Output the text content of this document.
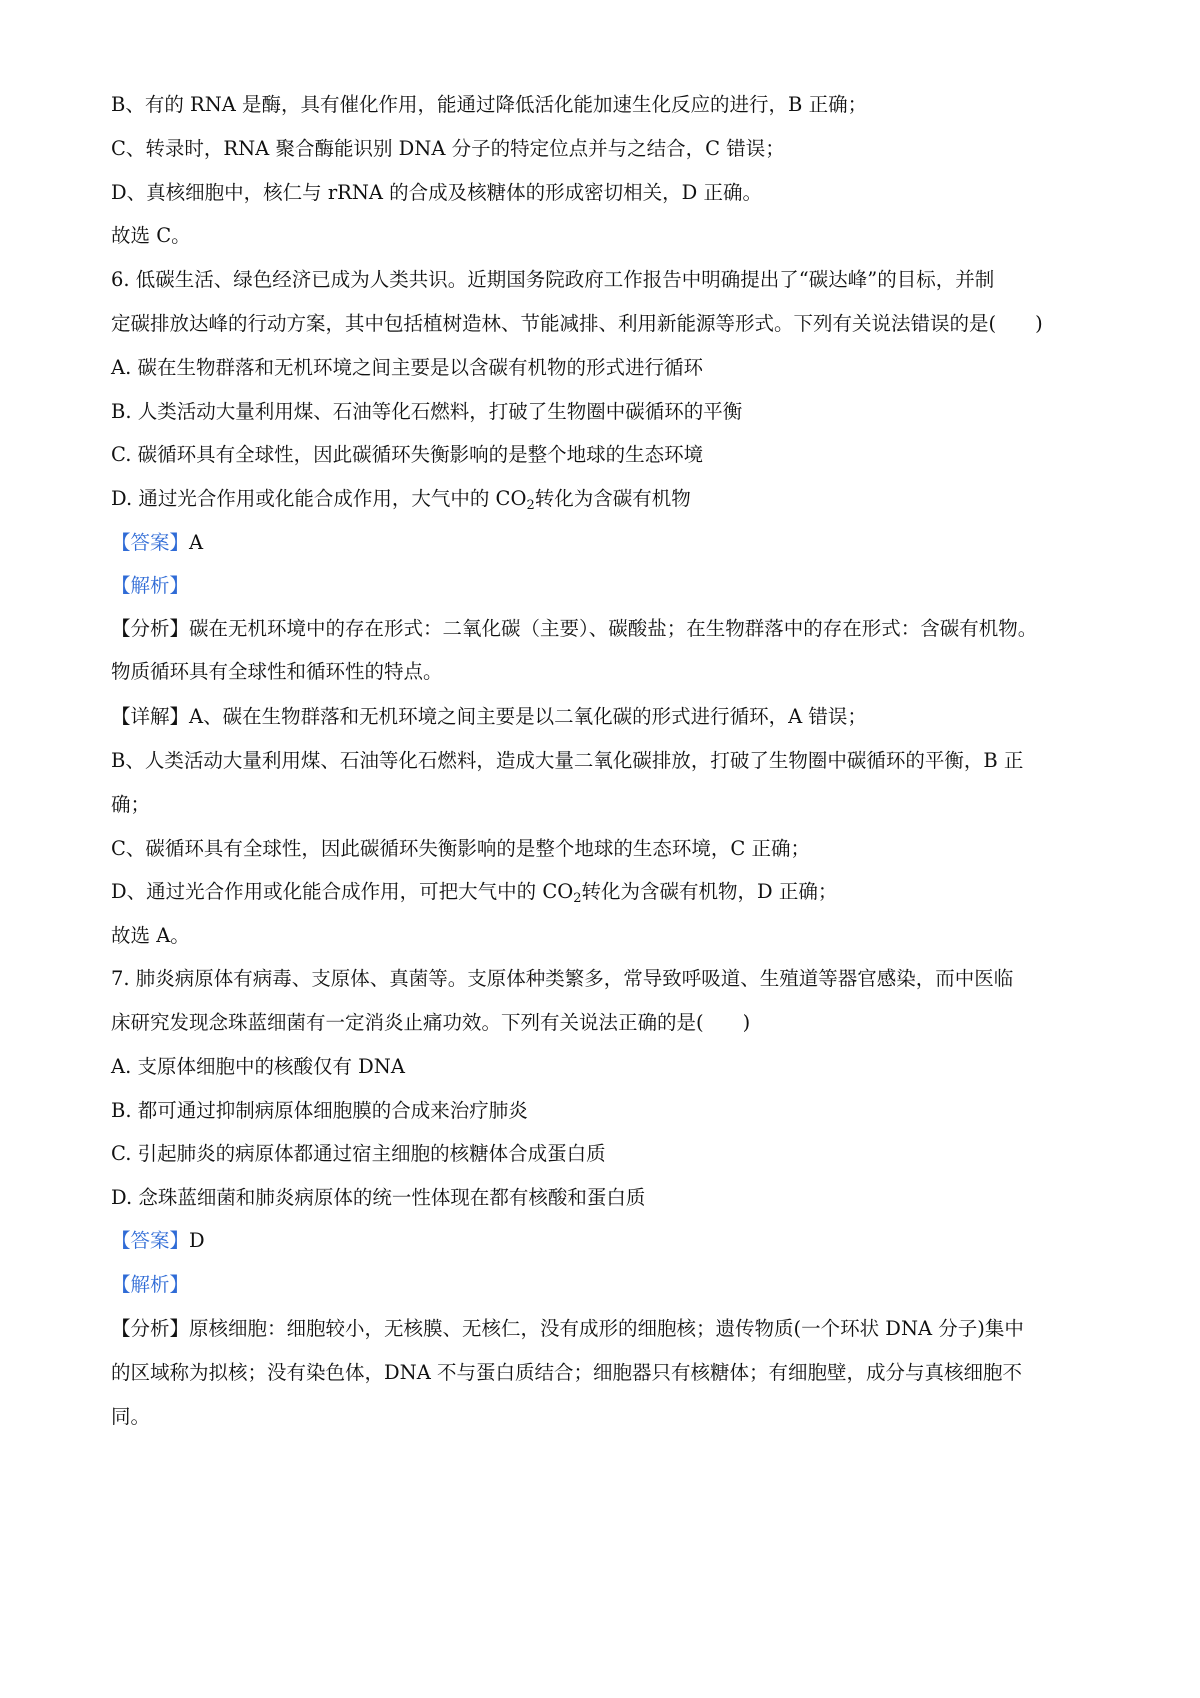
B、有的 RNA 是酶，具有催化作用，能通过降低活化能加速生化反应的进行，B 正确；
C、转录时，RNA 聚合酶能识别 DNA 分子的特定位点并与之结合，C 错误；
D、真核细胞中，核仁与 rRNA 的合成及核糖体的形成密切相关，D 正确。
故选 C。
6. 低碳生活、绿色经济已成为人类共识。近期国务院政府工作报告中明确提出了“碳达峰”的目标，并制
定碳排放达峰的行动方案，其中包括植树造林、节能减排、利用新能源等形式。下列有关说法错误的是(　　)
A. 碳在生物群落和无机环境之间主要是以含碳有机物的形式进行循环
B. 人类活动大量利用煤、石油等化石燃料，打破了生物圈中碳循环的平衡
C. 碳循环具有全球性，因此碳循环失衡影响的是整个地球的生态环境
D. 通过光合作用或化能合成作用，大气中的 $CO_2$转化为含碳有机物
【答案】A
【解析】
【分析】碳在无机环境中的存在形式：二氧化碳（主要）、碳酸盐；在生物群落中的存在形式：含碳有机物。
物质循环具有全球性和循环性的特点。
【详解】A、碳在生物群落和无机环境之间主要是以二氧化碳的形式进行循环，A 错误；
B、人类活动大量利用煤、石油等化石燃料，造成大量二氧化碳排放，打破了生物圈中碳循环的平衡，B 正
确；
C、碳循环具有全球性，因此碳循环失衡影响的是整个地球的生态环境，C 正确；
D、通过光合作用或化能合成作用，可把大气中的 $CO_2$转化为含碳有机物，D 正确；
故选 A。
7. 肺炎病原体有病毒、支原体、真菌等。支原体种类繁多，常导致呼吸道、生殖道等器官感染，而中医临
床研究发现念珠蓝细菌有一定消炎止痛功效。下列有关说法正确的是(　　)
A. 支原体细胞中的核酸仅有 DNA
B. 都可通过抑制病原体细胞膜的合成来治疗肺炎
C. 引起肺炎的病原体都通过宿主细胞的核糖体合成蛋白质
D. 念珠蓝细菌和肺炎病原体的统一性体现在都有核酸和蛋白质
【答案】D
【解析】
【分析】原核细胞：细胞较小，无核膜、无核仁，没有成形的细胞核；遗传物质(一个环状 DNA 分子)集中
的区域称为拟核；没有染色体，DNA 不与蛋白质结合；细胞器只有核糖体；有细胞壁，成分与真核细胞不
同。
